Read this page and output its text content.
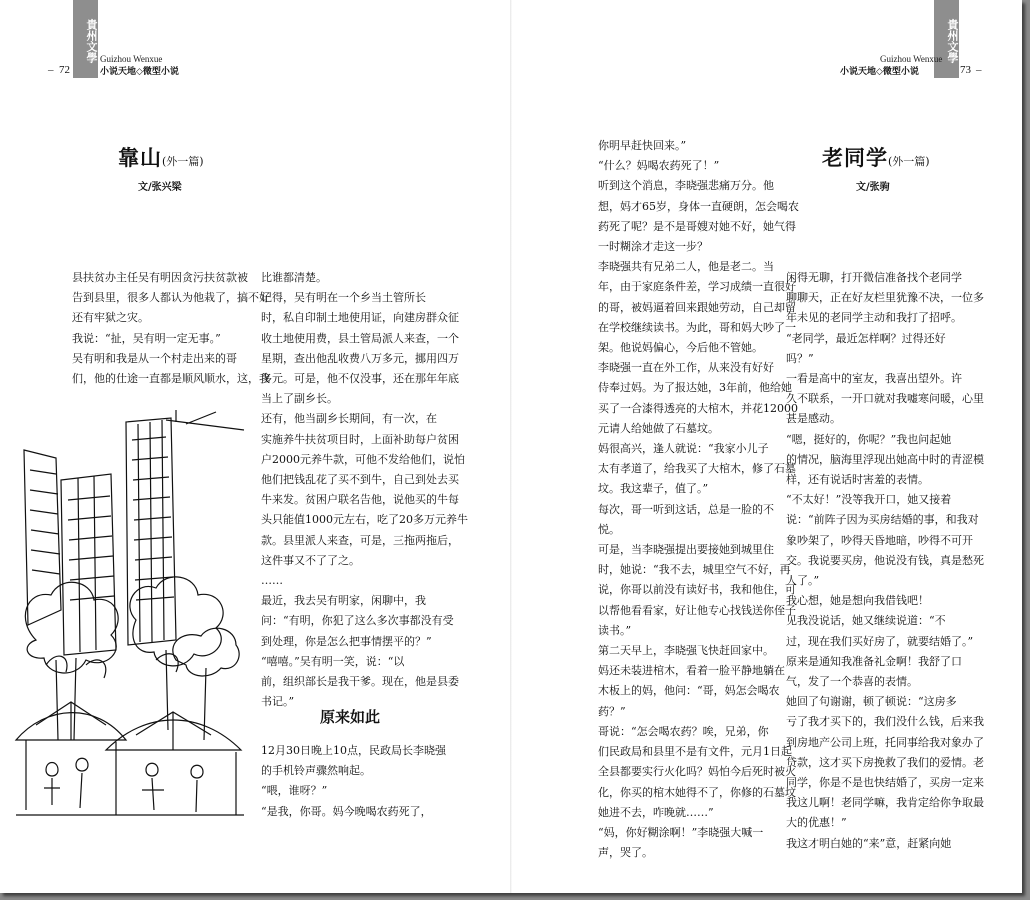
貴州文學
– 72
Guizhou Wenxue
小说天地◇微型小说
貴州文學
Guizhou Wenxue
小说天地◇微型小说	73 –
靠山(外一篇)
文/张兴梁

县扶贫办主任吴有明因贪污扶贫款被

告到县里，很多人都认为他栽了，搞不好

还有牢狱之灾。

我说：“扯，吴有明一定无事。”

吴有明和我是从一个村走出来的哥

们，他的仕途一直都是顺风顺水，这，我

比谁都清楚。

记得，吴有明在一个乡当土管所长

时，私自印制土地使用证，向建房群众征

收土地使用费，县土管局派人来查，一个

星期，查出他乱收费八万多元，挪用四万

多元。可是，他不仅没事，还在那年年底

当上了副乡长。

还有，他当副乡长期间，有一次，在

实施养牛扶贫项目时，上面补助每户贫困

户2000元养牛款，可他不发给他们，说怕

他们把钱乱花了买不到牛，自己到处去买

牛来发。贫困户联名告他，说他买的牛每

头只能值1000元左右，吃了20多万元养牛

款。县里派人来查，可是，三拖两拖后，

这件事又不了了之。

……

最近，我去吴有明家，闲聊中，我

问：“有明，你犯了这么多次事都没有受

到处理，你是怎么把事情摆平的？”

“嘻嘻。”吴有明一笑，说：“以

前，组织部长是我干爹。现在，他是县委

书记。”

原来如此

12月30日晚上10点，民政局长李晓强

的手机铃声骤然响起。

“喂，谁呀？”

“是我，你哥。妈今晚喝农药死了，

你明早赶快回来。”

“什么？妈喝农药死了！”

听到这个消息，李晓强悲痛万分。他

想，妈才65岁，身体一直硬朗，怎会喝农

药死了呢？是不是哥嫂对她不好，她气得

一时糊涂才走这一步？

李晓强共有兄弟二人，他是老二。当

年，由于家庭条件差，学习成绩一直很好

的哥，被妈逼着回来跟她劳动，自己却留

在学校继续读书。为此，哥和妈大吵了一

架。他说妈偏心，今后他不管她。

李晓强一直在外工作，从来没有好好

侍奉过妈。为了报达她，3年前，他给她

买了一合漆得透亮的大棺木，并花12000

元请人给她做了石墓坟。

妈很高兴，逢人就说：“我家小儿子

太有孝道了，给我买了大棺木，修了石墓

坟。我这辈子，值了。”

每次，哥一听到这话，总是一脸的不

悦。

可是，当李晓强提出要接她到城里住

时，她说：“我不去，城里空气不好，再

说，你哥以前没有读好书，我和他住，可

以帮他看看家，好让他专心找钱送你侄子

读书。”

第二天早上，李晓强飞快赶回家中。

妈还未装进棺木，看着一脸平静地躺在

木板上的妈，他问：“哥，妈怎会喝农

药？”

哥说：“怎会喝农药？唉，兄弟，你

们民政局和县里不是有文件，元月1日起

全县都要实行火化吗？妈怕今后死时被火

化，你买的棺木她得不了，你修的石墓坟

她进不去，咋晚就……”

“妈，你好糊涂啊！”李晓强大喊一

声，哭了。

老同学(外一篇)
文/张驹

闲得无聊，打开微信准备找个老同学

聊聊天，正在好友栏里犹豫不决，一位多

年未见的老同学主动和我打了招呼。

“老同学，最近怎样啊？过得还好

吗？”

一看是高中的室友，我喜出望外。许

久不联系，一开口就对我嘘寒问暖，心里

甚是感动。

“嗯，挺好的，你呢？”我也问起她

的情况，脑海里浮现出她高中时的青涩模

样，还有说话时害羞的表情。

“不太好！”没等我开口，她又接着

说：“前阵子因为买房结婚的事，和我对

象吵架了，吵得天昏地暗，吵得不可开

交。我说要买房，他说没有钱，真是愁死

人了。”

我心想，她是想向我借钱吧！

见我没说话，她又继续说道：“不

过，现在我们买好房了，就要结婚了。”

原来是通知我准备礼金啊！我舒了口

气，发了一个恭喜的表情。

她回了句谢谢，顿了顿说：“这房多

亏了我才买下的，我们没什么钱，后来我

到房地产公司上班，托同事给我对象办了

贷款，这才买下房挽救了我们的爱情。老

同学，你是不是也快结婚了，买房一定来

我这儿啊！老同学嘛，我肯定给你争取最

大的优惠！”

我这才明白她的“来”意，赶紧向她
